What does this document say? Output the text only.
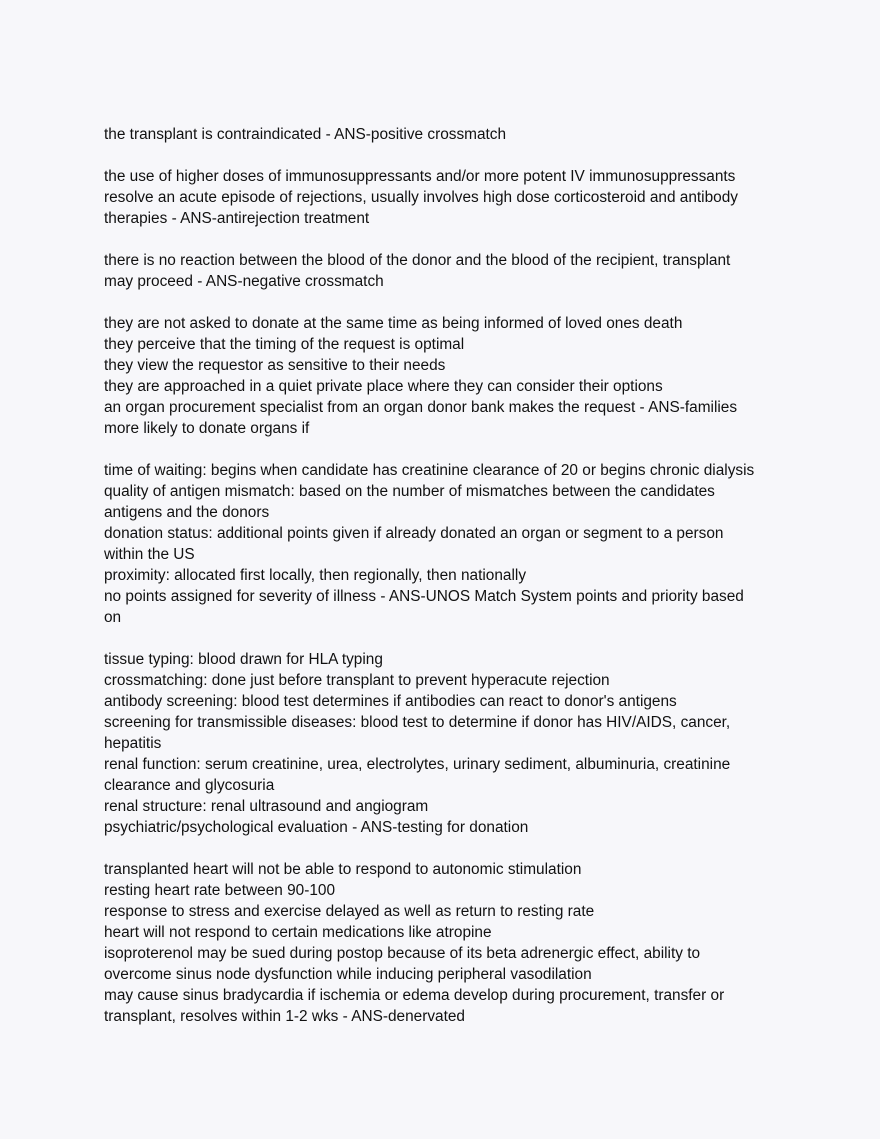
the transplant is contraindicated - ANS-positive crossmatch
the use of higher doses of immunosuppressants and/or more potent IV immunosuppressants
resolve an acute episode of rejections, usually involves high dose corticosteroid and antibody
therapies - ANS-antirejection treatment
there is no reaction between the blood of the donor and the blood of the recipient, transplant
may proceed - ANS-negative crossmatch
they are not asked to donate at the same time as being informed of loved ones death
they perceive that the timing of the request is optimal
they view the requestor as sensitive to their needs
they are approached in a quiet private place where they can consider their options
an organ procurement specialist from an organ donor bank makes the request - ANS-families
more likely to donate organs if
time of waiting: begins when candidate has creatinine clearance of 20 or begins chronic dialysis
quality of antigen mismatch: based on the number of mismatches between the candidates
antigens and the donors
donation status: additional points given if already donated an organ or segment to a person
within the US
proximity: allocated first locally, then regionally, then nationally
no points assigned for severity of illness - ANS-UNOS Match System points and priority based
on
tissue typing: blood drawn for HLA typing
crossmatching: done just before transplant to prevent hyperacute rejection
antibody screening: blood test determines if antibodies can react to donor's antigens
screening for transmissible diseases: blood test to determine if donor has HIV/AIDS, cancer,
hepatitis
renal function: serum creatinine, urea, electrolytes, urinary sediment, albuminuria, creatinine
clearance and glycosuria
renal structure: renal ultrasound and angiogram
psychiatric/psychological evaluation - ANS-testing for donation
transplanted heart will not be able to respond to autonomic stimulation
resting heart rate between 90-100
response to stress and exercise delayed as well as return to resting rate
heart will not respond to certain medications like atropine
isoproterenol may be sued during postop because of its beta adrenergic effect, ability to
overcome sinus node dysfunction while inducing peripheral vasodilation
may cause sinus bradycardia if ischemia or edema develop during procurement, transfer or
transplant, resolves within 1-2 wks - ANS-denervated
